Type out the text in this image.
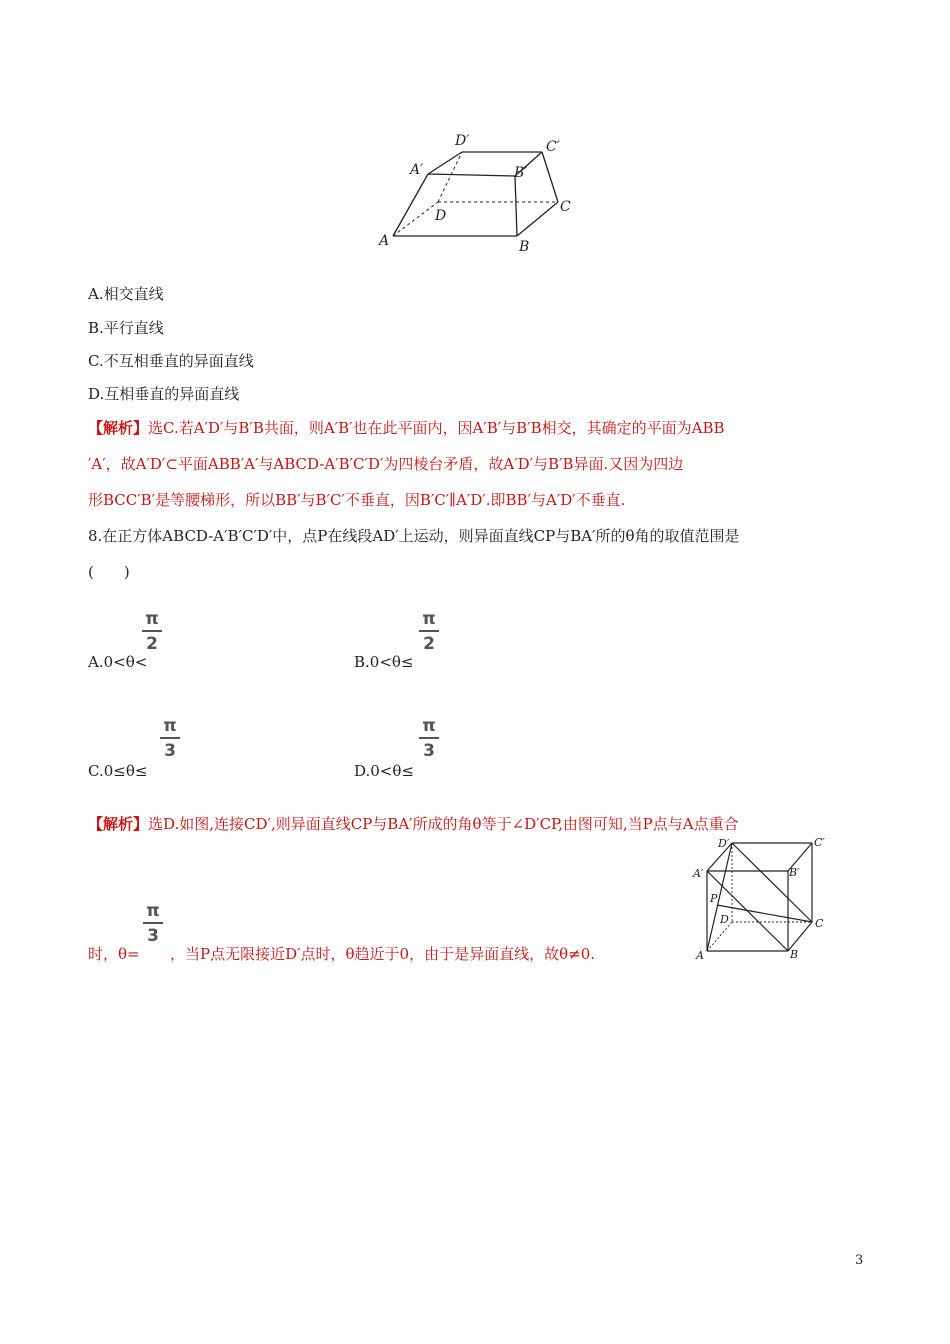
D′	C′
A′	B′
D
C
A	B
A.相交直线
B.平行直线
C.不互相垂直的异面直线
D.互相垂直的异面直线
【解析】选C.若A′D′与B′B共面，则A′B′也在此平面内，因A′B′与B′B相交，其确定的平面为ABB
′A′，故A′D′⊂平面ABB′A′与ABCD-A′B′C′D′为四棱台矛盾，故A′D′与B′B异面.又因为四边
形BCC′B′是等腰梯形，所以BB′与B′C′不垂直，因B′C′∥A′D′.即BB′与A′D′不垂直.
8.在正方体ABCD-A′B′C′D′中，点P在线段AD′上运动，则异面直线CP与BA′所的θ角的取值范围是
(　　)
A.0<θ<
π
2
B.0<θ≤
π
2
C.0≤θ≤
π
3
D.0<θ≤
π
3
【解析】选D.如图,连接CD′,则异面直线CP与BA′所成的角θ等于∠D′CP,由图可知,当P点与A点重合
时，θ=
π
3
，当P点无限接近D′点时，θ趋近于0，由于是异面直线，故θ≠0.
D′	C′
A′	B′
P
D	C
A	B
3
